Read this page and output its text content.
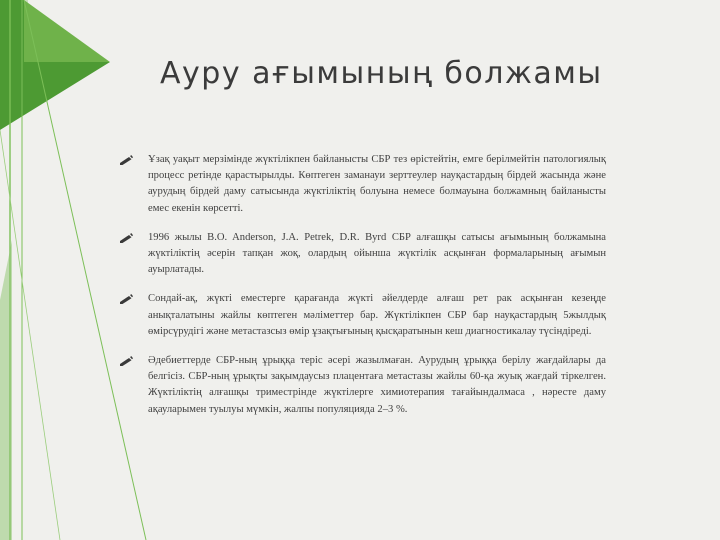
Ауру ағымының болжамы
Ұзақ уақыт мерзімінде жүктілікпен байланысты СБР тез өрістейтін, емге берілмейтін патологиялық процесс ретінде қарастырылды. Көптеген заманауи зерттеулер науқастардың бірдей жасында және аурудың бірдей даму сатысында жүктіліктің болуына немесе болмауына болжамның байланысты емес екенін көрсетті.
1996 жылы B.O. Anderson, J.A. Petrek, D.R. Byrd СБР алғашқы сатысы ағымының болжамына жүктіліктің әсерін тапқан жоқ, олардың ойынша жүктілік асқынған формаларының ағымын ауырлатады.
Сондай-ақ, жүкті еместерге қарағанда жүкті әйелдерде алғаш рет рак асқынған кезеңде анықталатыны жайлы көптеген мәліметтер бар. Жүктілікпен СБР бар науқастардың 5жылдық өмірсүрудігі және метастазсыз өмір ұзақтығының қысқаратынын кеш диагностикалау түсіндіреді.
Әдебиеттерде СБР-ның ұрыққа теріс әсері жазылмаған. Аурудың ұрыққа берілу жағдайлары да белгісіз. СБР-ның ұрықты зақымдаусыз плацентаға метастазы жайлы 60-қа жуық жағдай тіркелген. Жүктіліктің алғашқы триместрінде жүктілерге химиотерапия тағайындалмаса , нәресте даму ақауларымен туылуы мүмкін, жалпы популяцияда 2–3 %.
